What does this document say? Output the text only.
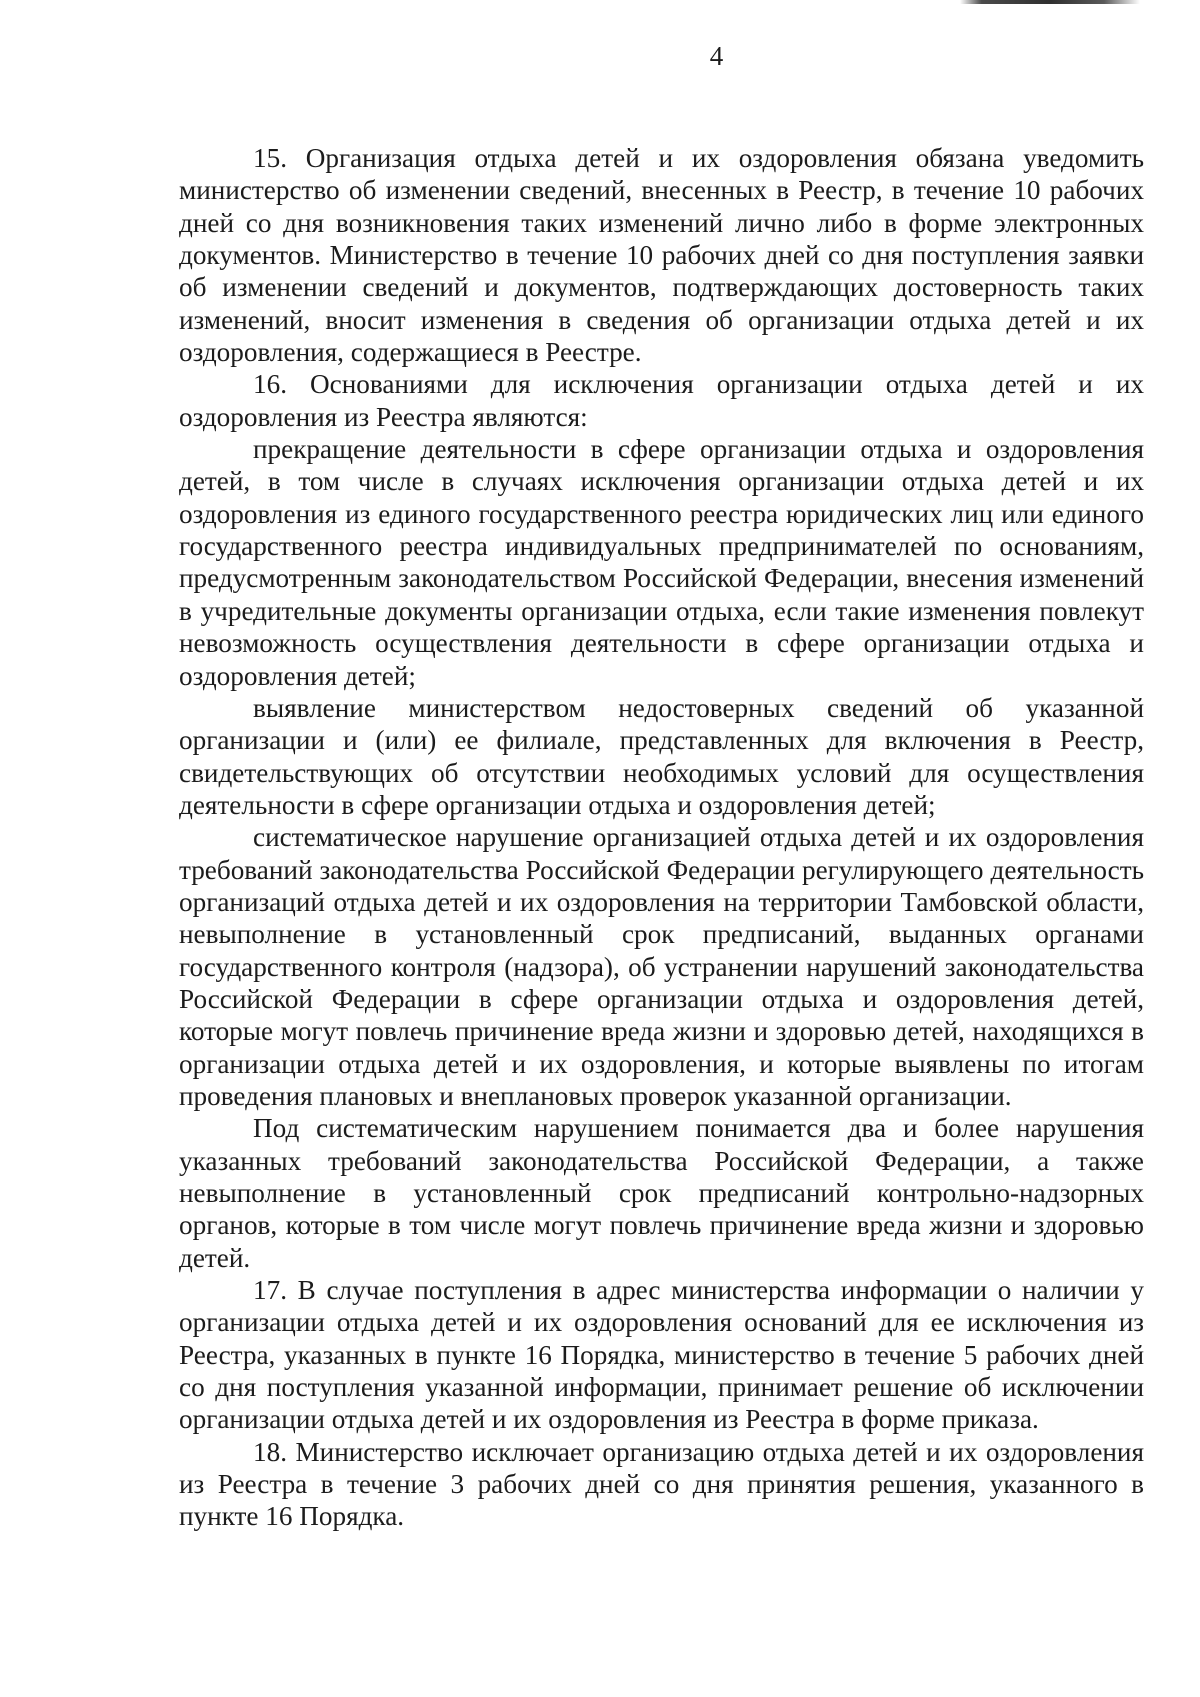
4

15. Организация отдыха детей и их оздоровления обязана уведомить министерство об изменении сведений, внесенных в Реестр, в течение 10 рабочих дней со дня возникновения таких изменений лично либо в форме электронных документов. Министерство в течение 10 рабочих дней со дня поступления заявки об изменении сведений и документов, подтверждающих достоверность таких изменений, вносит изменения в сведения об организации отдыха детей и их оздоровления, содержащиеся в Реестре.

16. Основаниями для исключения организации отдыха детей и их оздоровления из Реестра являются:

прекращение деятельности в сфере организации отдыха и оздоровления детей, в том числе в случаях исключения организации отдыха детей и их оздоровления из единого государственного реестра юридических лиц или единого государственного реестра индивидуальных предпринимателей по основаниям, предусмотренным законодательством Российской Федерации, внесения изменений в учредительные документы организации отдыха, если такие изменения повлекут невозможность осуществления деятельности в сфере организации отдыха и оздоровления детей;

выявление министерством недостоверных сведений об указанной организации и (или) ее филиале, представленных для включения в Реестр, свидетельствующих об отсутствии необходимых условий для осуществления деятельности в сфере организации отдыха и оздоровления детей;

систематическое нарушение организацией отдыха детей и их оздоровления требований законодательства Российской Федерации регулирующего деятельность организаций отдыха детей и их оздоровления на территории Тамбовской области, невыполнение в установленный срок предписаний, выданных органами государственного контроля (надзора), об устранении нарушений законодательства Российской Федерации в сфере организации отдыха и оздоровления детей, которые могут повлечь причинение вреда жизни и здоровью детей, находящихся в организации отдыха детей и их оздоровления, и которые выявлены по итогам проведения плановых и внеплановых проверок указанной организации.

Под систематическим нарушением понимается два и более нарушения указанных требований законодательства Российской Федерации, а также невыполнение в установленный срок предписаний контрольно-надзорных органов, которые в том числе могут повлечь причинение вреда жизни и здоровью детей.

17. В случае поступления в адрес министерства информации о наличии у организации отдыха детей и их оздоровления оснований для ее исключения из Реестра, указанных в пункте 16 Порядка, министерство в течение 5 рабочих дней со дня поступления указанной информации, принимает решение об исключении организации отдыха детей и их оздоровления из Реестра в форме приказа.

18. Министерство исключает организацию отдыха детей и их оздоровления из Реестра в течение 3 рабочих дней со дня принятия решения, указанного в пункте 16 Порядка.
